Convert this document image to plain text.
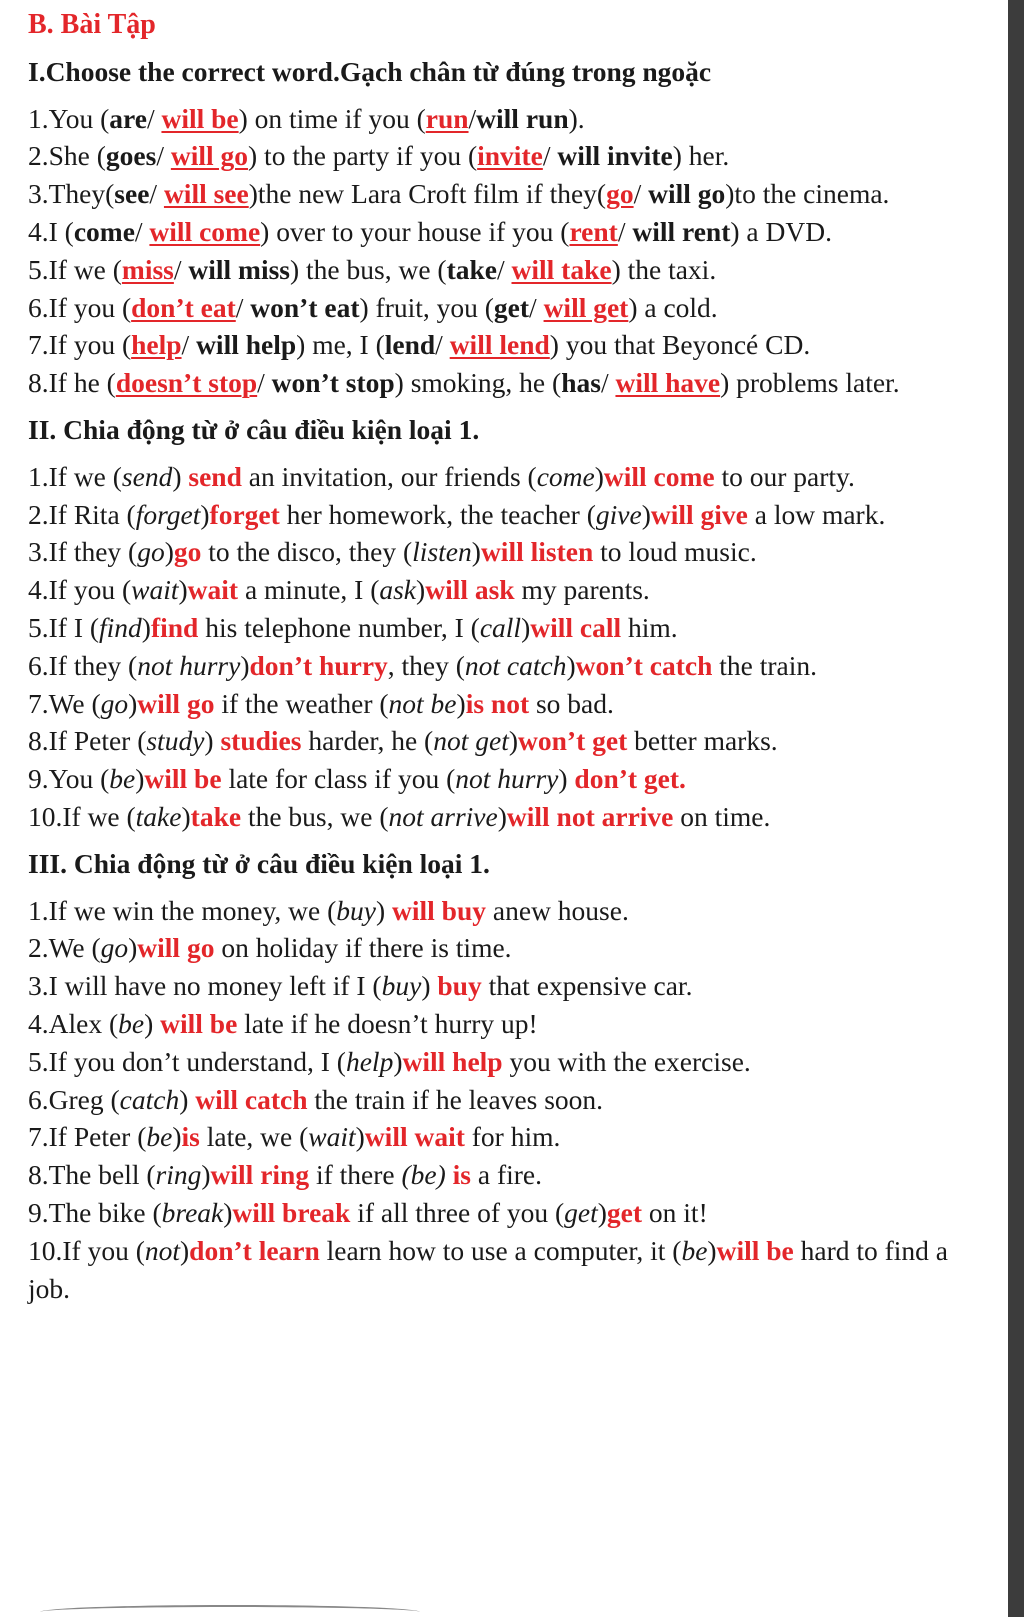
B. Bài Tập
I.Choose the correct word.Gạch chân từ đúng trong ngoặc
1.You (are/ will be) on time if you (run/will run).
2.She (goes/ will go) to the party if you (invite/ will invite) her.
3.They(see/ will see)the new Lara Croft film if they(go/ will go)to the cinema.
4.I (come/ will come) over to your house if you (rent/ will rent) a DVD.
5.If we (miss/ will miss) the bus, we (take/ will take) the taxi.
6.If you (don’t eat/ won’t eat) fruit, you (get/ will get) a cold.
7.If you (help/ will help) me, I (lend/ will lend) you that Beyoncé CD.
8.If he (doesn’t stop/ won’t stop) smoking, he (has/ will have) problems later.
II. Chia động từ ở câu điều kiện loại 1.
1.If we (send) send an invitation, our friends (come)will come to our party.
2.If Rita (forget)forget her homework, the teacher (give)will give a low mark.
3.If they (go)go to the disco, they (listen)will listen to loud music.
4.If you (wait)wait a minute, I (ask)will ask my parents.
5.If I (find)find his telephone number, I (call)will call him.
6.If they (not hurry)don’t hurry, they (not catch)won’t catch the train.
7.We (go)will go if the weather (not be)is not so bad.
8.If Peter (study) studies harder, he (not get)won’t get better marks.
9.You (be)will be late for class if you (not hurry) don’t get.
10.If we (take)take the bus, we (not arrive)will not arrive on time.
III. Chia động từ ở câu điều kiện loại 1.
1.If we win the money, we (buy) will buy anew house.
2.We (go)will go on holiday if there is time.
3.I will have no money left if I (buy) buy that expensive car.
4.Alex (be) will be late if he doesn’t hurry up!
5.If you don’t understand, I (help)will help you with the exercise.
6.Greg (catch) will catch the train if he leaves soon.
7.If Peter (be)is late, we (wait)will wait for him.
8.The bell (ring)will ring if there (be) is a fire.
9.The bike (break)will break if all three of you (get)get on it!
10.If you (not)don’t learn learn how to use a computer, it (be)will be hard to find a job.
